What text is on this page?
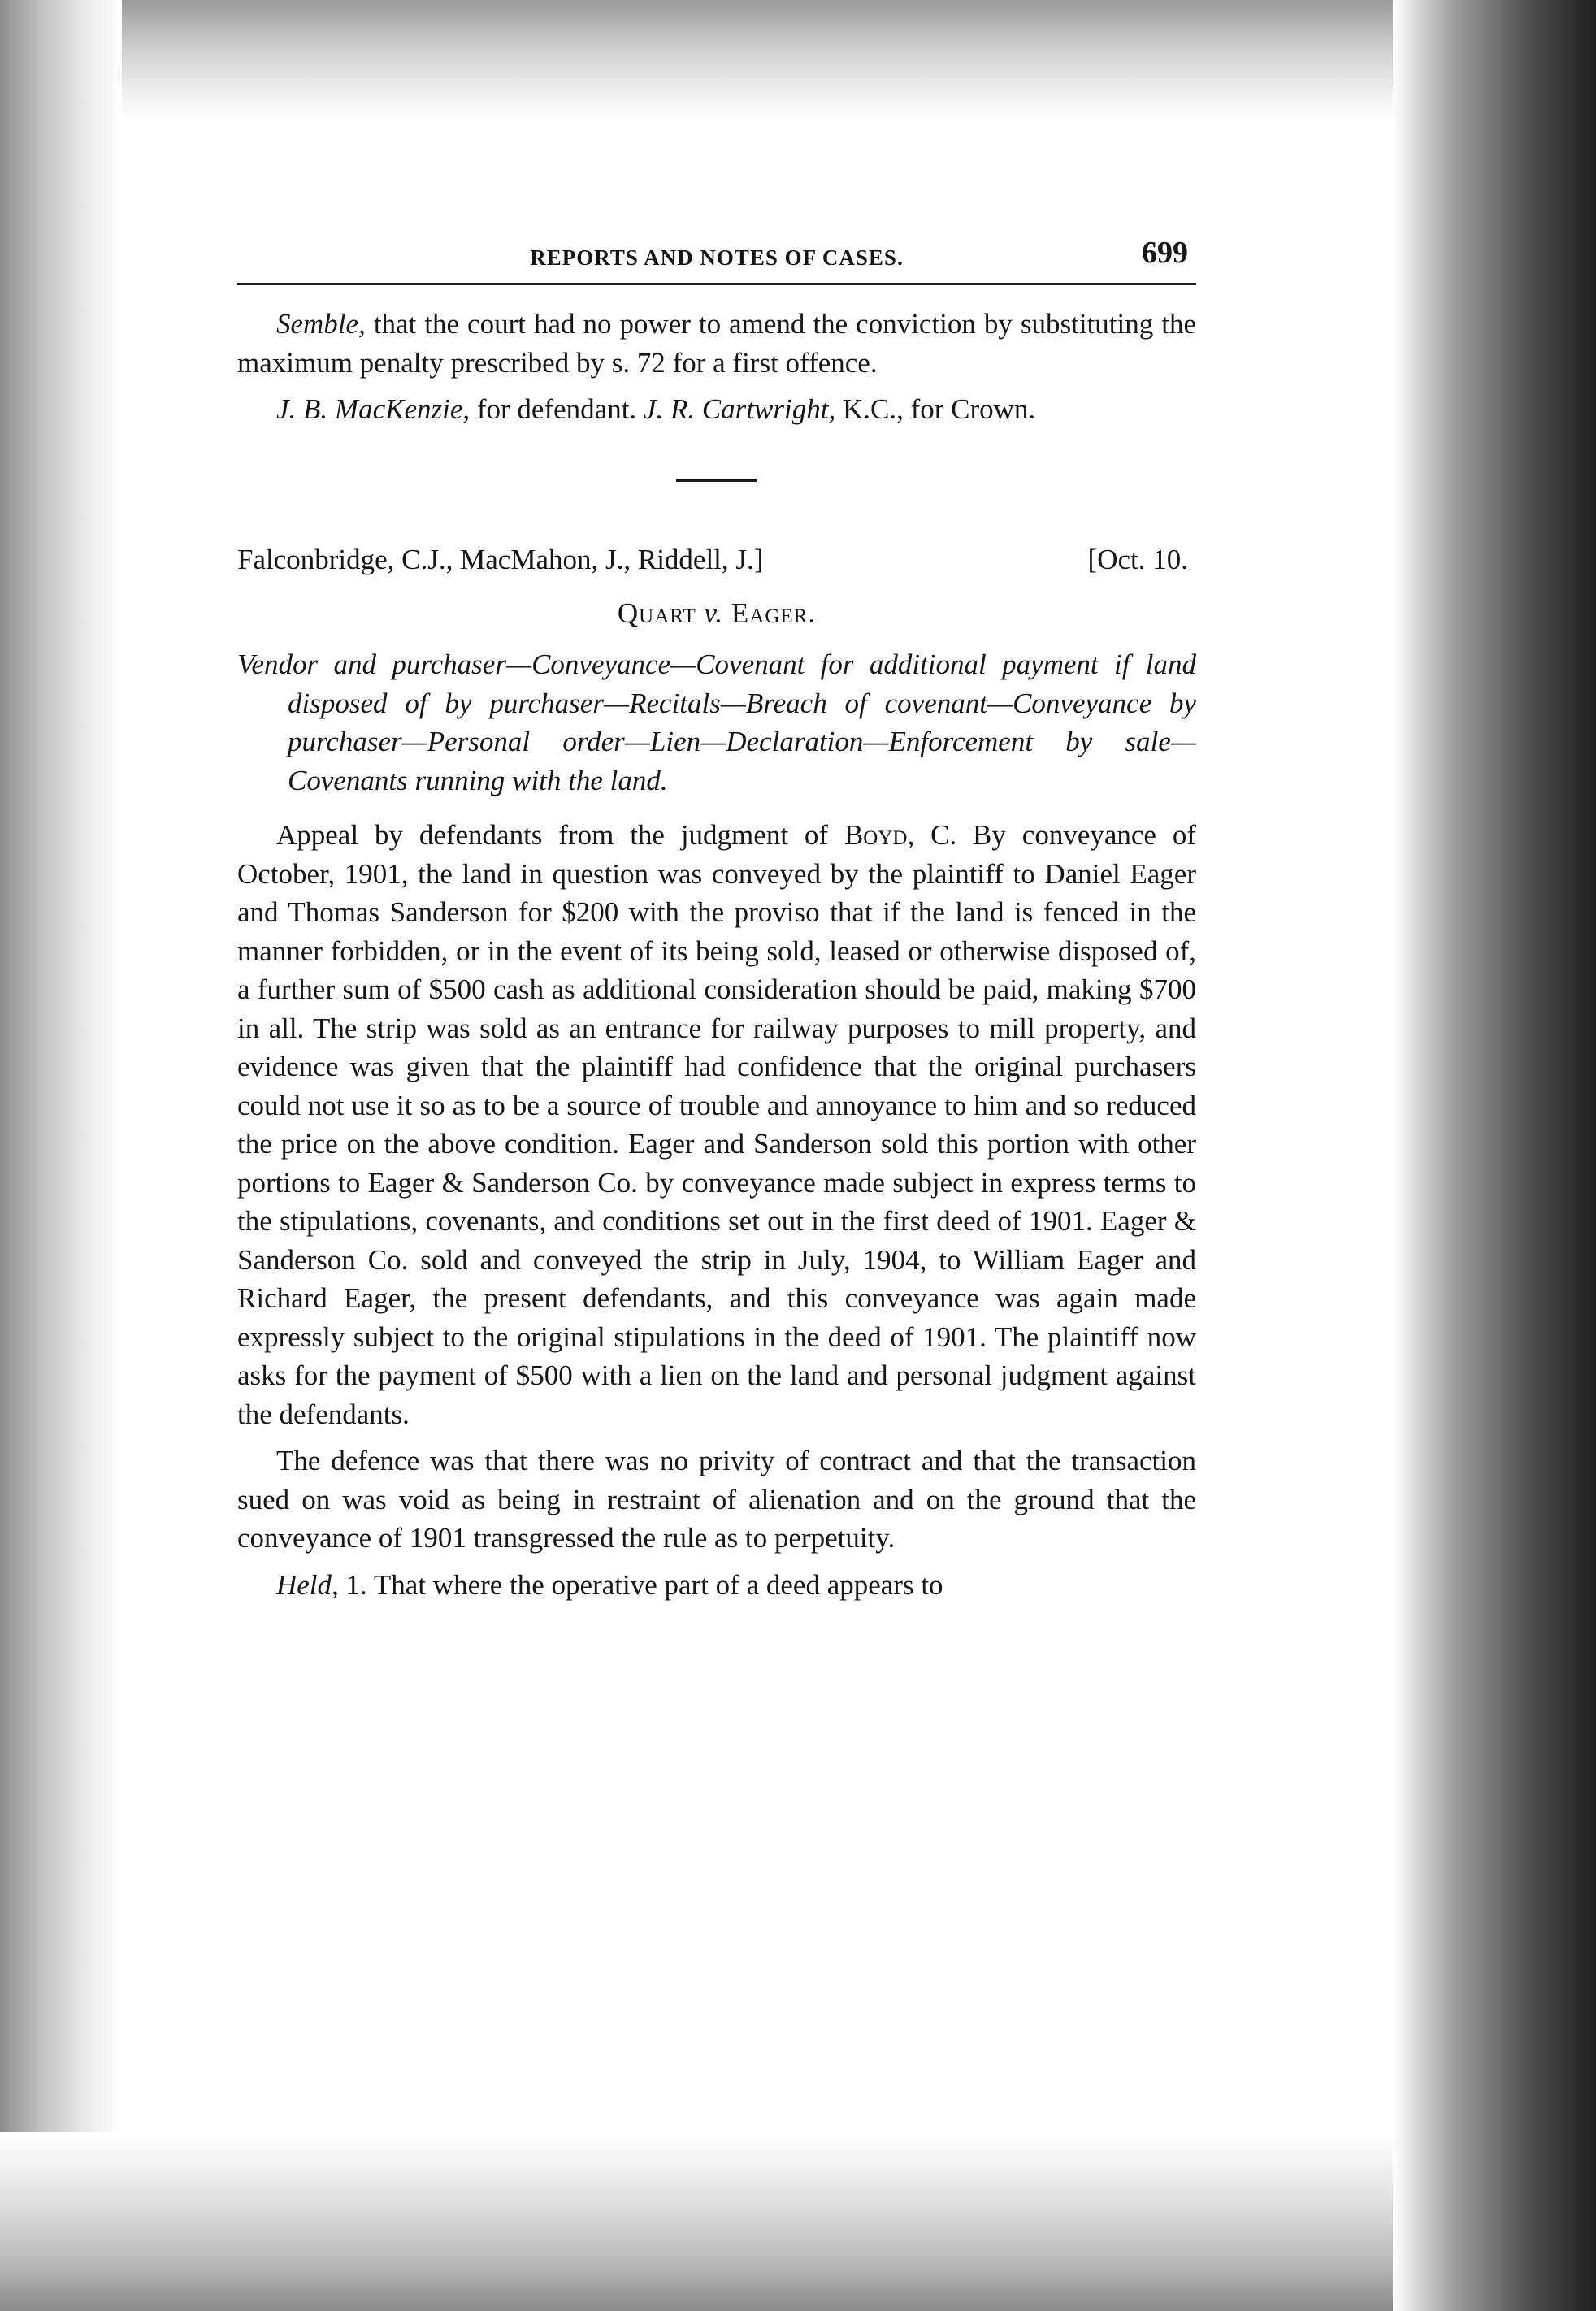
REPORTS AND NOTES OF CASES.	699

Semble, that the court had no power to amend the conviction by substituting the maximum penalty prescribed by s. 72 for a first offence.

J. B. MacKenzie, for defendant. J. R. Cartwright, K.C., for Crown.

Falconbridge, C.J., MacMahon, J., Riddell, J.]	[Oct. 10.

Quart v. Eager.

Vendor and purchaser—Conveyance—Covenant for additional payment if land disposed of by purchaser—Recitals—Breach of covenant—Conveyance by purchaser—Personal order—Lien—Declaration—Enforcement by sale—Covenants running with the land.

Appeal by defendants from the judgment of Boyd, C. By conveyance of October, 1901, the land in question was conveyed by the plaintiff to Daniel Eager and Thomas Sanderson for $200 with the proviso that if the land is fenced in the manner forbidden, or in the event of its being sold, leased or otherwise disposed of, a further sum of $500 cash as additional consideration should be paid, making $700 in all. The strip was sold as an entrance for railway purposes to mill property, and evidence was given that the plaintiff had confidence that the original purchasers could not use it so as to be a source of trouble and annoyance to him and so reduced the price on the above condition. Eager and Sanderson sold this portion with other portions to Eager & Sanderson Co. by conveyance made subject in express terms to the stipulations, covenants, and conditions set out in the first deed of 1901. Eager & Sanderson Co. sold and conveyed the strip in July, 1904, to William Eager and Richard Eager, the present defendants, and this conveyance was again made expressly subject to the original stipulations in the deed of 1901. The plaintiff now asks for the payment of $500 with a lien on the land and personal judgment against the defendants.

The defence was that there was no privity of contract and that the transaction sued on was void as being in restraint of alienation and on the ground that the conveyance of 1901 transgressed the rule as to perpetuity.

Held, 1. That where the operative part of a deed appears to
